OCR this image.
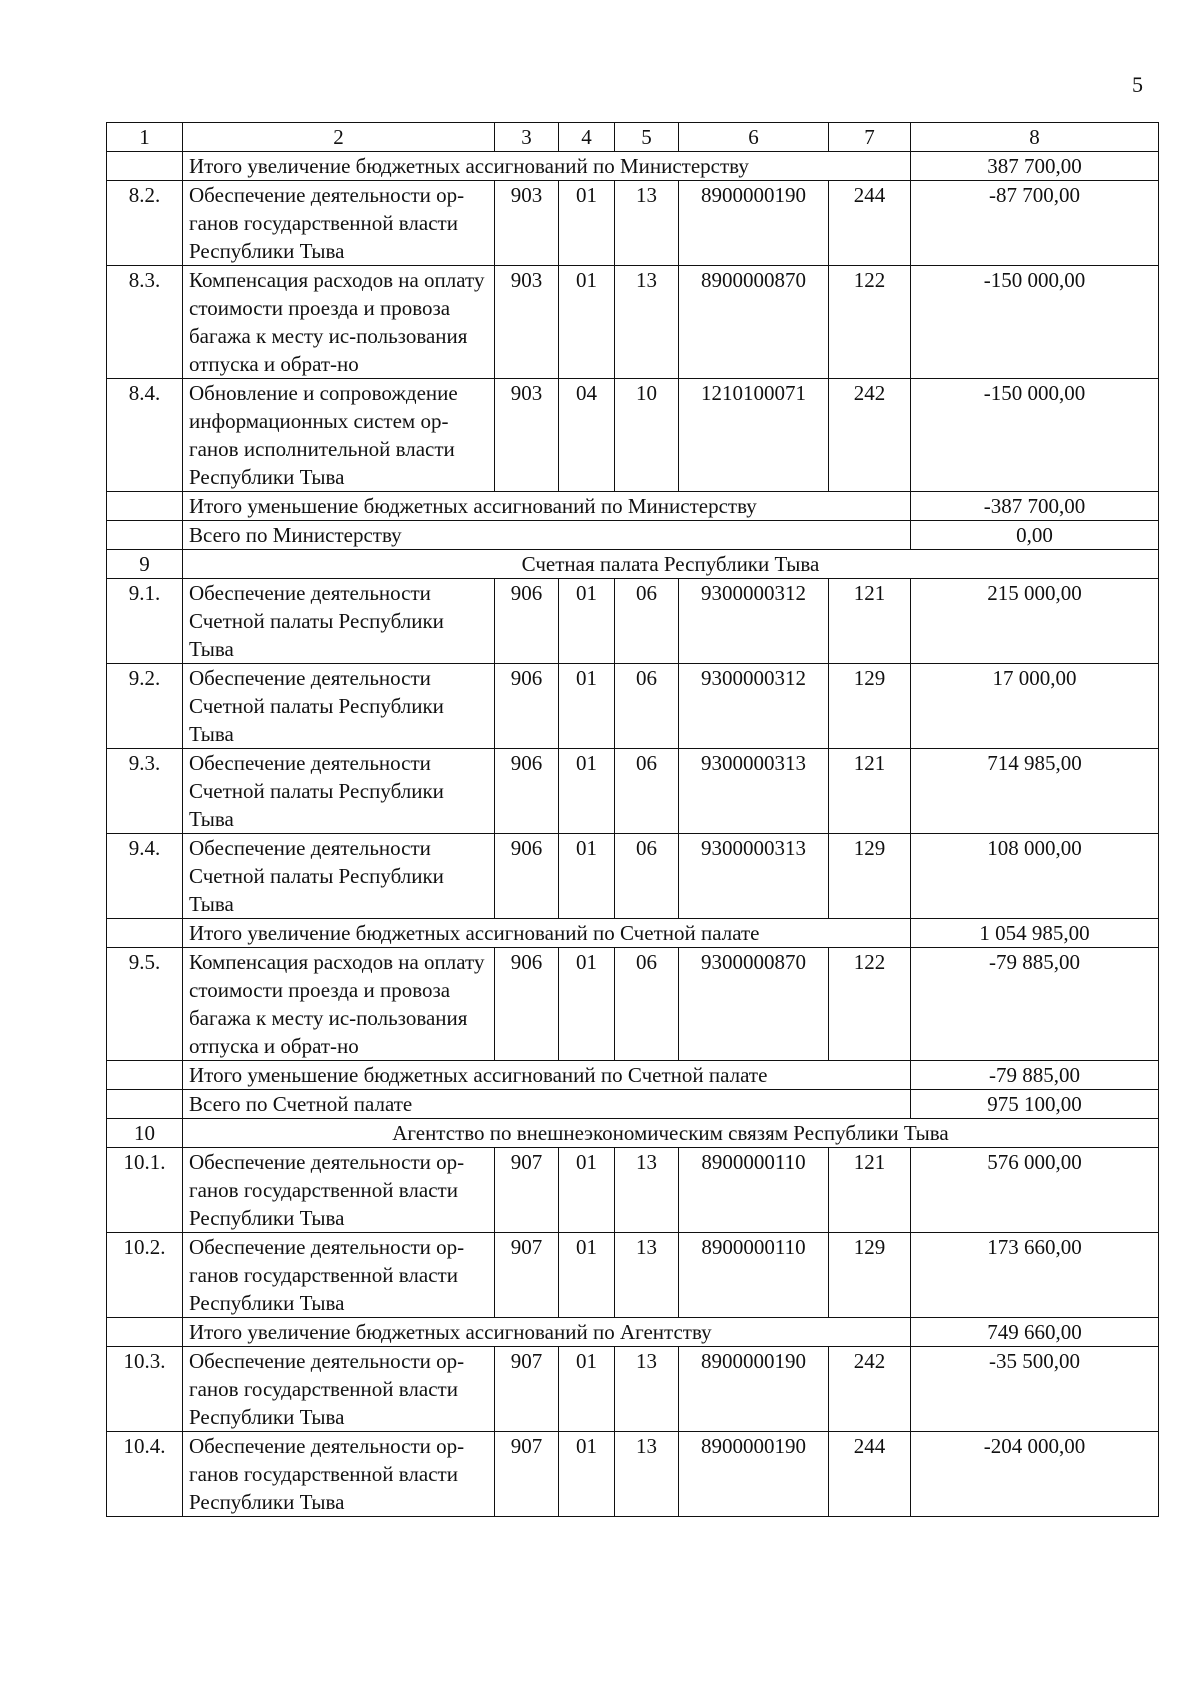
5
1	2	3	4	5	6	7	8
	Итого увеличение бюджетных ассигнований по Министерству						387 700,00
8.2.	Обеспечение деятельности ор-ганов государственной власти Республики Тыва	903	01	13	8900000190	244	-87 700,00
8.3.	Компенсация расходов на оплату стоимости проезда и провоза багажа к месту ис-пользования отпуска и обрат-но	903	01	13	8900000870	122	-150 000,00
8.4.	Обновление и сопровождение информационных систем ор-ганов исполнительной власти Республики Тыва	903	04	10	1210100071	242	-150 000,00
	Итого уменьшение бюджетных ассигнований по Министерству						-387 700,00
	Всего по Министерству						0,00
9	Счетная палата Республики Тыва						
9.1.	Обеспечение деятельности Счетной палаты Республики Тыва	906	01	06	9300000312	121	215 000,00
9.2.	Обеспечение деятельности Счетной палаты Республики Тыва	906	01	06	9300000312	129	17 000,00
9.3.	Обеспечение деятельности Счетной палаты Республики Тыва	906	01	06	9300000313	121	714 985,00
9.4.	Обеспечение деятельности Счетной палаты Республики Тыва	906	01	06	9300000313	129	108 000,00
	Итого увеличение бюджетных ассигнований по Счетной палате						1 054 985,00
9.5.	Компенсация расходов на оплату стоимости проезда и провоза багажа к месту ис-пользования отпуска и обрат-но	906	01	06	9300000870	122	-79 885,00
	Итого уменьшение бюджетных ассигнований по Счетной палате						-79 885,00
	Всего по Счетной палате						975 100,00
10	Агентство по внешнеэкономическим связям Республики Тыва						
10.1.	Обеспечение деятельности ор-ганов государственной власти Республики Тыва	907	01	13	8900000110	121	576 000,00
10.2.	Обеспечение деятельности ор-ганов государственной власти Республики Тыва	907	01	13	8900000110	129	173 660,00
	Итого увеличение бюджетных ассигнований по Агентству						749 660,00
10.3.	Обеспечение деятельности ор-ганов государственной власти Республики Тыва	907	01	13	8900000190	242	-35 500,00
10.4.	Обеспечение деятельности ор-ганов государственной власти Республики Тыва	907	01	13	8900000190	244	-204 000,00
